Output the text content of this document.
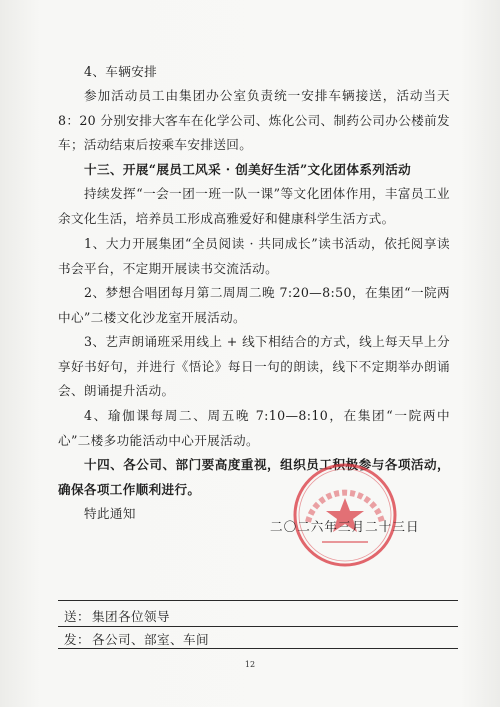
4、车辆安排

参加活动员工由集团办公室负责统一安排车辆接送，活动当天 8：20 分别安排大客车在化学公司、炼化公司、制药公司办公楼前发车；活动结束后按乘车安排送回。

十三、开展“展员工风采 · 创美好生活”文化团体系列活动

持续发挥“一会一团一班一队一课”等文化团体作用，丰富员工业余文化生活，培养员工形成高雅爱好和健康科学生活方式。

1、大力开展集团“全员阅读 · 共同成长”读书活动，依托阅享读书会平台，不定期开展读书交流活动。

2、梦想合唱团每月第二周周二晚 7:20—8:50，在集团“一院两中心”二楼文化沙龙室开展活动。

3、艺声朗诵班采用线上 + 线下相结合的方式，线上每天早上分享好书好句，并进行《悟论》每日一句的朗读，线下不定期举办朗诵会、朗诵提升活动。

4、瑜伽课每周二、周五晚 7:10—8:10，在集团“一院两中心”二楼多功能活动中心开展活动。

十四、各公司、部门要高度重视，组织员工积极参与各项活动，确保各项工作顺利进行。

特此通知

二〇二六年三月二十三日
送： 集团各位领导
发： 各公司、部室、车间
12
